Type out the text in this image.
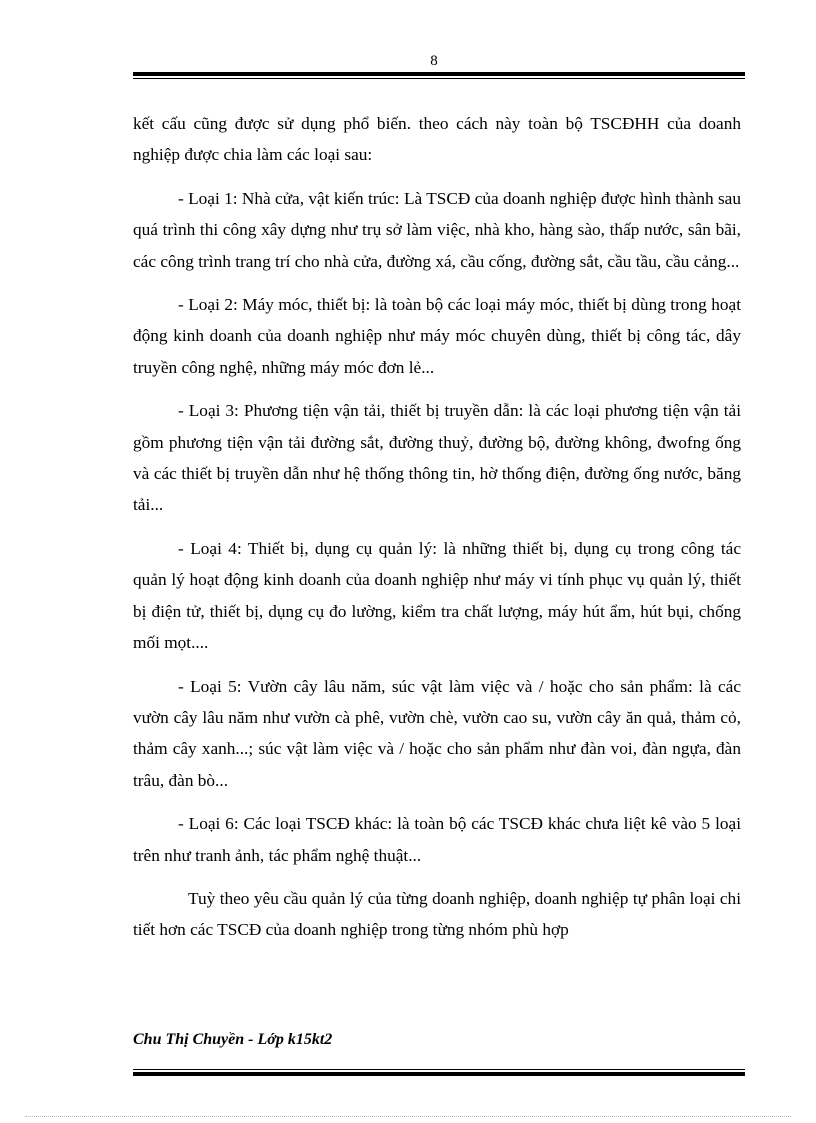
8

kết cấu cũng được sử dụng phổ biến. theo cách này toàn bộ TSCĐHH của doanh nghiệp được chia làm các loại sau:

- Loại 1: Nhà cửa, vật kiến trúc: Là TSCĐ của doanh nghiệp được hình thành sau quá trình thi công xây dựng như trụ sở làm việc, nhà kho, hàng sào, thấp nước, sân bãi, các công trình trang trí cho nhà cửa, đường xá, cầu cống, đường sắt, cầu tầu, cầu cảng...

- Loại 2: Máy móc, thiết bị: là toàn bộ các loại máy móc, thiết bị dùng trong hoạt động kinh doanh của doanh nghiệp như máy móc chuyên dùng, thiết bị công tác, dây truyền công nghệ, những máy móc đơn lẻ...

- Loại 3: Phương tiện vận tải, thiết bị truyền dẫn: là các loại phương tiện vận tải gồm phương tiện vận tải đường sắt, đường thuỷ, đường bộ, đường không, đwofng ống và các thiết bị truyền dẫn như hệ thống thông tin, hờ thống điện, đường ống nước, băng tải...

- Loại 4: Thiết bị, dụng cụ quản lý: là những thiết bị, dụng cụ trong công tác quản lý hoạt động kinh doanh của doanh nghiệp như máy vi tính phục vụ quản lý, thiết bị điện tử, thiết bị, dụng cụ đo lường, kiểm tra chất lượng, máy hút ẩm, hút bụi, chống mối mọt....

- Loại 5: Vườn cây lâu năm, súc vật làm việc và / hoặc cho sản phẩm: là các vườn cây lâu năm như vườn cà phê, vườn chè, vườn cao su, vườn cây ăn quả, thảm cỏ, thảm cây xanh...; súc vật làm việc và / hoặc cho sản phẩm như đàn voi, đàn ngựa, đàn trâu, đàn bò...

- Loại 6: Các loại TSCĐ khác: là toàn bộ các TSCĐ khác chưa liệt kê vào 5 loại trên như tranh ảnh, tác phẩm nghệ thuật...

Tuỳ theo yêu cầu quản lý của từng doanh nghiệp, doanh nghiệp tự phân loại chi tiết hơn các TSCĐ của doanh nghiệp trong từng nhóm phù hợp

Chu Thị Chuyền - Lớp k15kt2
